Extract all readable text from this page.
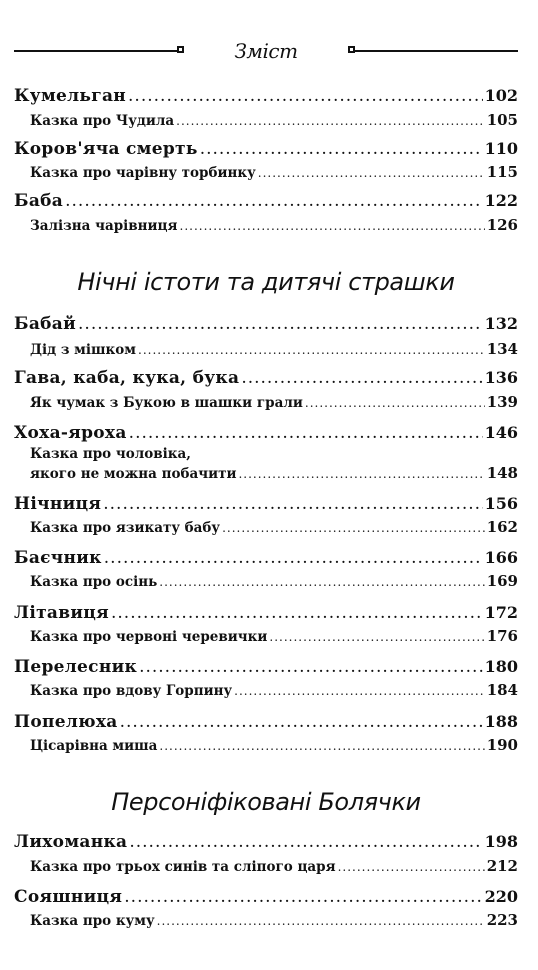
Зміст
Кумельган .....	102
Казка про Чудила .....	105
Коров'яча смерть .....	110
Казка про чарівну торбинку .....	115
Баба .....	122
Залізна чарівниця .....	126
Нічні істоти та дитячі страшки
Бабай .....	132
Дід з мішком .....	134
Гава, каба, кука, бука .....	136
Як чумак з Букою в шашки грали .....	139
Хоха-яроха .....	146
Казка про чоловіка,
якого не можна побачити .....	148
Нічниця .....	156
Казка про язикату бабу .....	162
Баєчник .....	166
Казка про осінь .....	169
Літавиця .....	172
Казка про червоні черевички .....	176
Перелесник .....	180
Казка про вдову Горпину .....	184
Попелюха .....	188
Цісарівна миша .....	190
Персоніфіковані Болячки
Лихоманка .....	198
Казка про трьох синів та сліпого царя .....	212
Сояшниця .....	220
Казка про куму .....	223
